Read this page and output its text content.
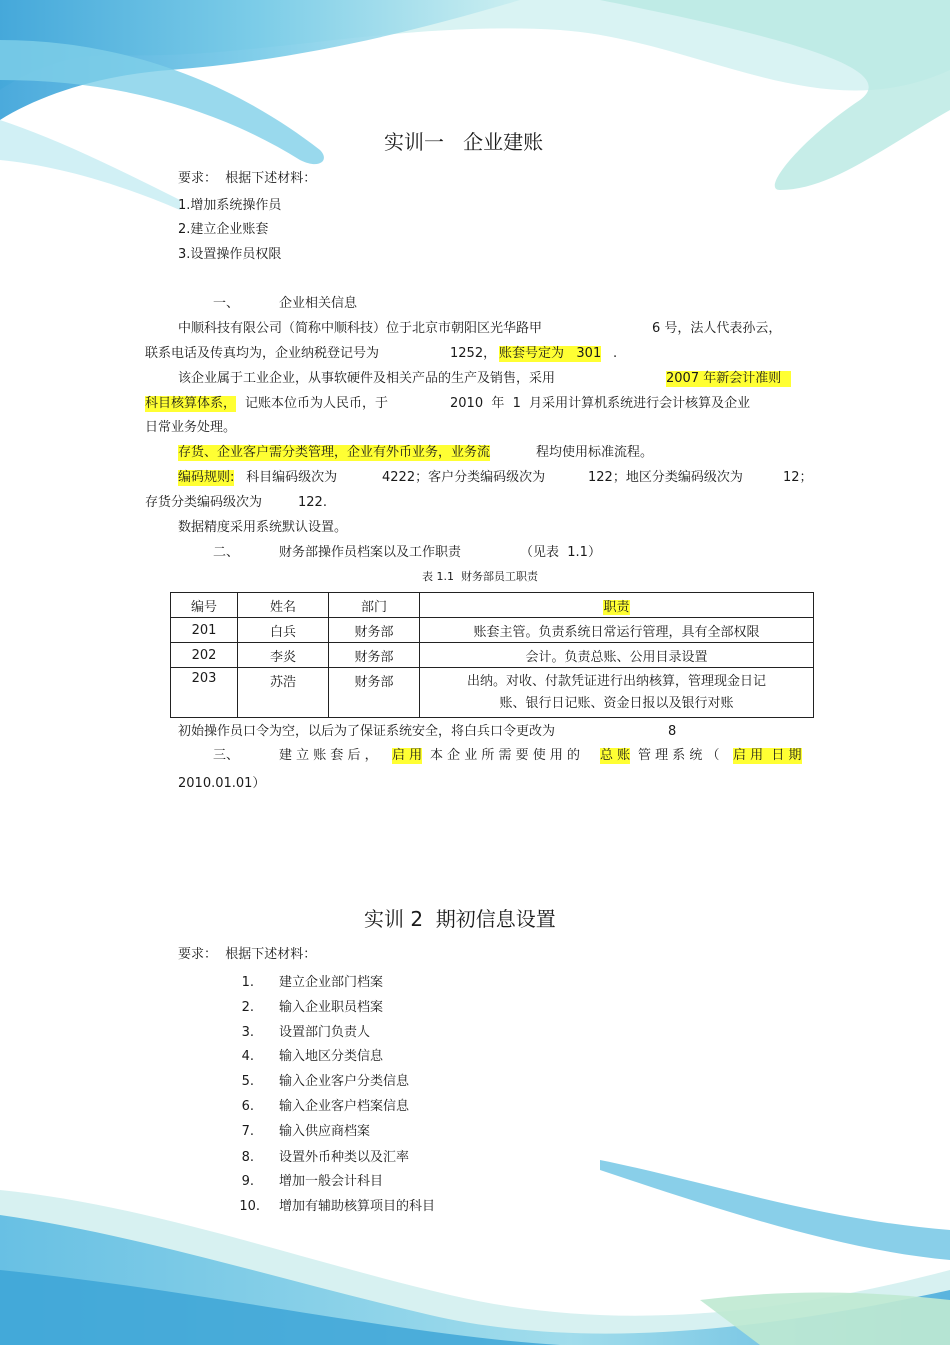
实训一   企业建账
要求：  根据下述材料：
1.增加系统操作员
2.建立企业账套
3.设置操作员权限
一、	企业相关信息
中顺科技有限公司（简称中顺科技）位于北京市朝阳区光华路甲	6 号，法人代表孙云，
联系电话及传真均为，企业纳税登记号为	1252， 账套号定为   301 .
该企业属于工业企业，从事软硬件及相关产品的生产及销售，采用	2007 年新会计准则
科目核算体系， 记账本位币为人民币，于	2010  年  1  月采用计算机系统进行会计核算及企业
日常业务处理。
存货、企业客户需分类管理，企业有外币业务，业务流	程均使用标准流程。
编码规则: 科目编码级次为	4222；客户分类编码级次为	122；地区分类编码级次为	12；
存货分类编码级次为	122.
数据精度采用系统默认设置。
二、	财务部操作员档案以及工作职责	（见表  1.1）
表 1.1  财务部员工职责
编号	姓名	部门	职责
201	白兵	财务部	账套主管。负责系统日常运行管理，具有全部权限
202	李炎	财务部	会计。负责总账、公用目录设置
203	苏浩	财务部	出纳。对收、付款凭证进行出纳核算，管理现金日记
账、银行日记账、资金日报以及银行对账
初始操作员口令为空，以后为了保证系统安全，将白兵口令更改为	8
三、	建 立 账 套 后 ， 启 用 本 企 业 所 需 要 使 用 的 总 账 管 理 系 统 （ 启 用  日 期
2010.01.01）
实训 2  期初信息设置
要求：  根据下述材料：
1. 建立企业部门档案
2. 输入企业职员档案
3. 设置部门负责人
4. 输入地区分类信息
5. 输入企业客户分类信息
6. 输入企业客户档案信息
7. 输入供应商档案
8. 设置外币种类以及汇率
9. 增加一般会计科目
10. 增加有辅助核算项目的科目
